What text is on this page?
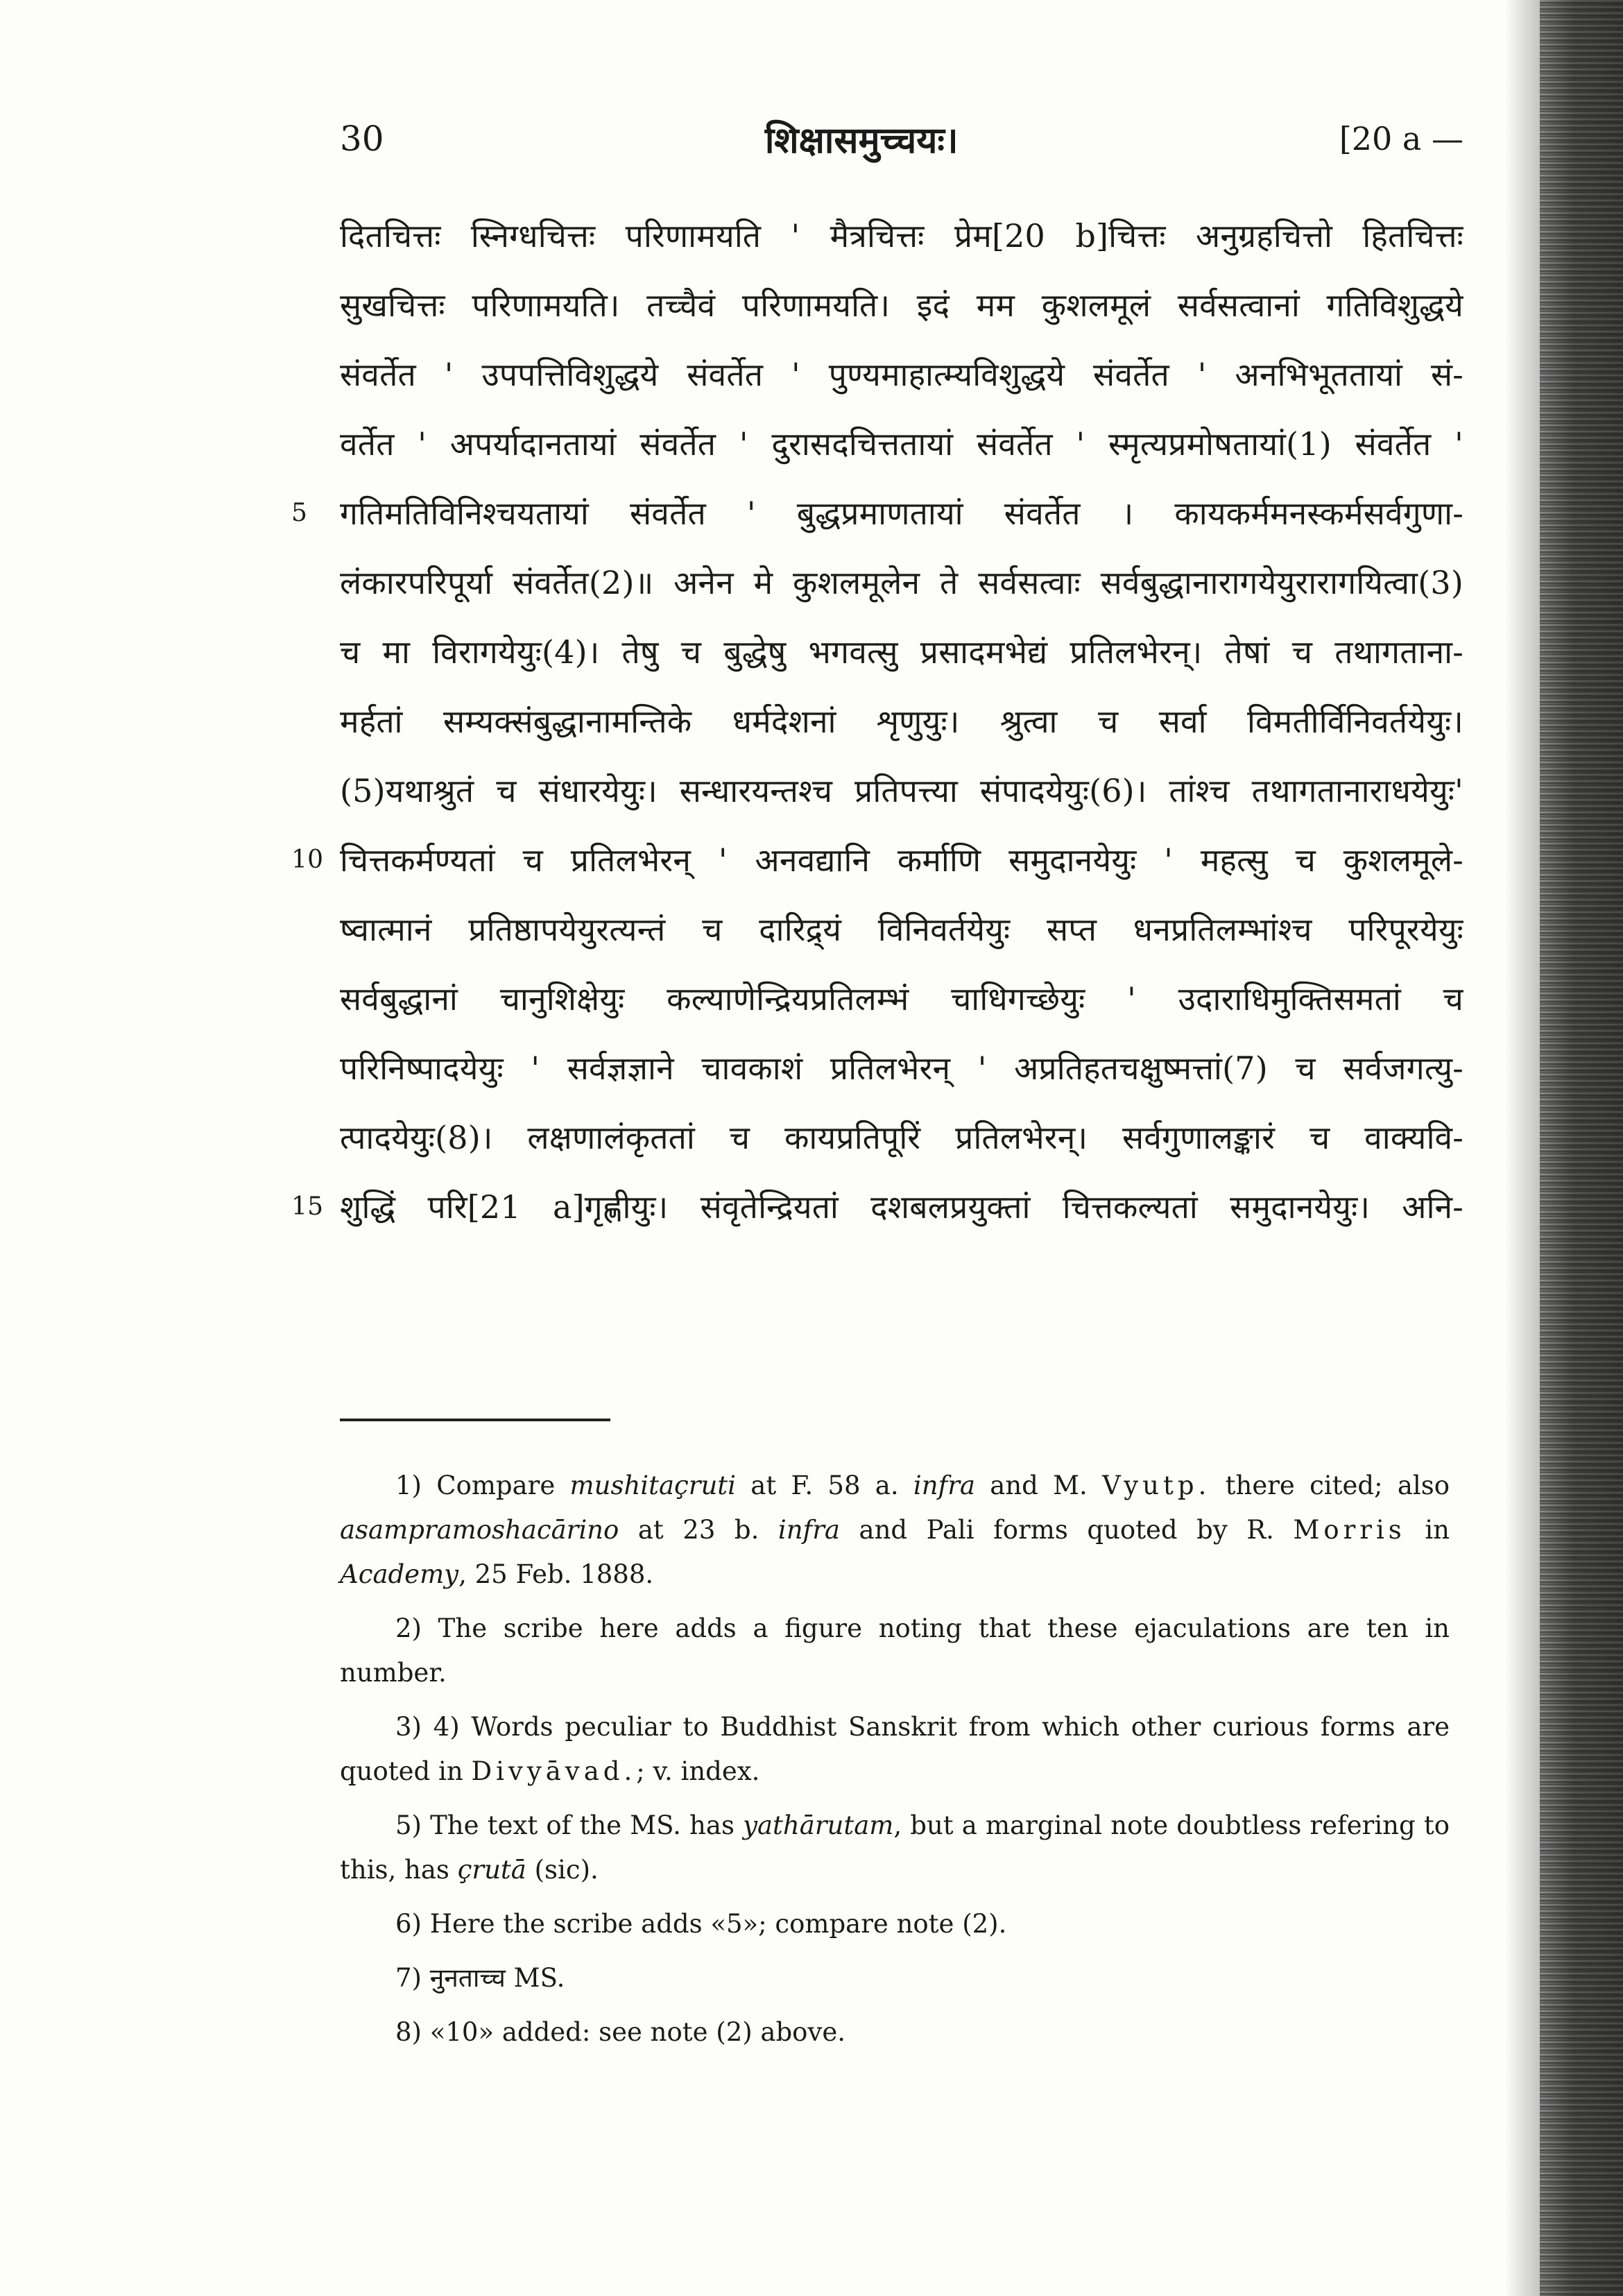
30	शिक्षासमुच्चयः।	[20 a —
दितचित्तः स्निग्धचित्तः परिणामयति ' मैत्रचित्तः प्रेम[20 b]चित्तः अनुग्रहचित्तो हितचित्तः
सुखचित्तः परिणामयति। तच्चैवं परिणामयति। इदं मम कुशलमूलं सर्वसत्वानां गतिविशुद्धये
संवर्तेत ' उपपत्तिविशुद्धये संवर्तेत ' पुण्यमाहात्म्यविशुद्धये संवर्तेत ' अनभिभूततायां सं-
वर्तेत ' अपर्यादानतायां संवर्तेत ' दुरासदचित्ततायां संवर्तेत ' स्मृत्यप्रमोषतायां(1) संवर्तेत '
5	गतिमतिविनिश्चयतायां संवर्तेत ' बुद्धप्रमाणतायां संवर्तेत । कायकर्ममनस्कर्मसर्वगुणा-
लंकारपरिपूर्या संवर्तेत(2)॥ अनेन मे कुशलमूलेन ते सर्वसत्वाः सर्वबुद्धानारागयेयुरारागयित्वा(3)
च मा विरागयेयुः(4)। तेषु च बुद्धेषु भगवत्सु प्रसादमभेद्यं प्रतिलभेरन्। तेषां च तथागताना-
मर्हतां सम्यक्संबुद्धानामन्तिके धर्मदेशनां शृणुयुः। श्रुत्वा च सर्वा विमतीर्विनिवर्तयेयुः।
(5)यथाश्रुतं च संधारयेयुः। सन्धारयन्तश्च प्रतिपत्त्या संपादयेयुः(6)। तांश्च तथागतानाराधयेयुः'
10 चित्तकर्मण्यतां च प्रतिलभेरन् ' अनवद्यानि कर्माणि समुदानयेयुः ' महत्सु च कुशलमूले-
ष्वात्मानं प्रतिष्ठापयेयुरत्यन्तं च दारिद्र्यं विनिवर्तयेयुः सप्त धनप्रतिलम्भांश्च परिपूरयेयुः
सर्वबुद्धानां चानुशिक्षेयुः कल्याणेन्द्रियप्रतिलम्भं चाधिगच्छेयुः ' उदाराधिमुक्तिसमतां च
परिनिष्पादयेयुः ' सर्वज्ञज्ञाने चावकाशं प्रतिलभेरन् ' अप्रतिहतचक्षुष्मत्तां(7) च सर्वजगत्यु-
त्पादयेयुः(8)। लक्षणालंकृततां च कायप्रतिपूरिं प्रतिलभेरन्। सर्वगुणालङ्कारं च वाक्यवि-
15 शुद्धिं परि[21 a]गृह्णीयुः। संवृतेन्द्रियतां दशबलप्रयुक्तां चित्तकल्यतां समुदानयेयुः। अनि-

1) Compare mushitaçruti at F. 58 a. infra and M. Vyutp. there cited; also asampramoshacārino at 23 b. infra and Pali forms quoted by R. Morris in Academy, 25 Feb. 1888.

2) The scribe here adds a figure noting that these ejaculations are ten in number.

3) 4) Words peculiar to Buddhist Sanskrit from which other curious forms are quoted in Divyāvad.; v. index.

5) The text of the MS. has yathārutam, but a marginal note doubtless refering to this, has çrutā (sic).

6) Here the scribe adds «5»; compare note (2).

7) नुनताच्च MS.

8) «10» added: see note (2) above.
